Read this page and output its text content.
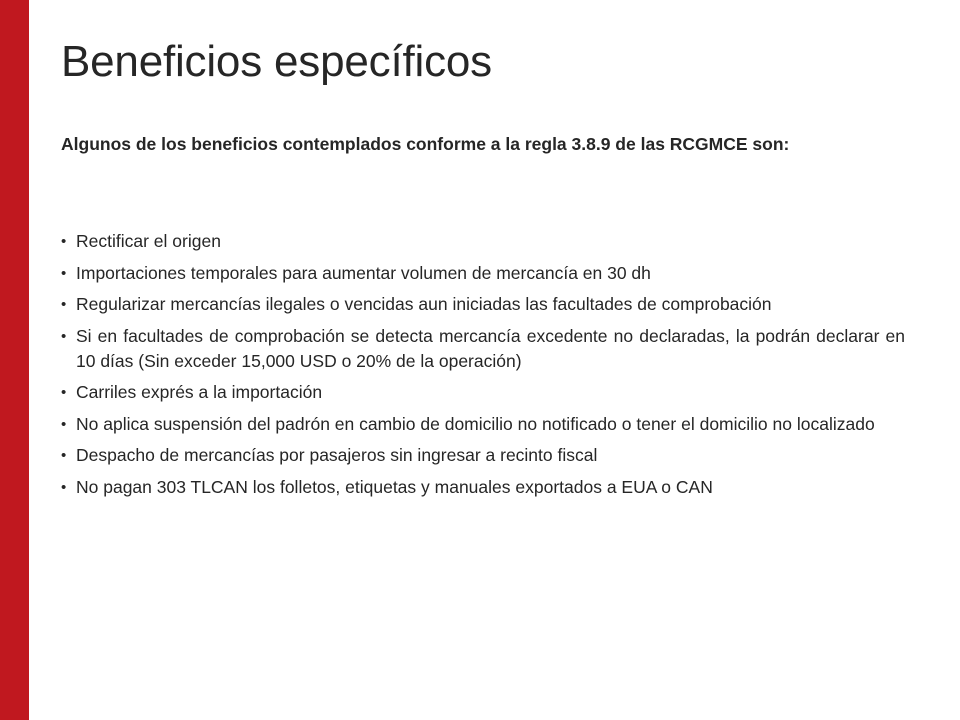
Beneficios específicos

Algunos de los beneficios contemplados conforme a la regla 3.8.9 de las RCGMCE son:

• Rectificar el origen
• Importaciones temporales para aumentar volumen de mercancía en 30 dh
• Regularizar mercancías ilegales o vencidas aun iniciadas las facultades de comprobación
• Si en facultades de comprobación se detecta mercancía excedente no declaradas, la podrán declarar en 10 días (Sin exceder 15,000 USD o 20% de la operación)
• Carriles exprés a la importación
• No aplica suspensión del padrón en cambio de domicilio no notificado o tener el domicilio no localizado
• Despacho de mercancías por pasajeros sin ingresar a recinto fiscal
• No pagan 303 TLCAN los folletos, etiquetas y manuales exportados a EUA o CAN
